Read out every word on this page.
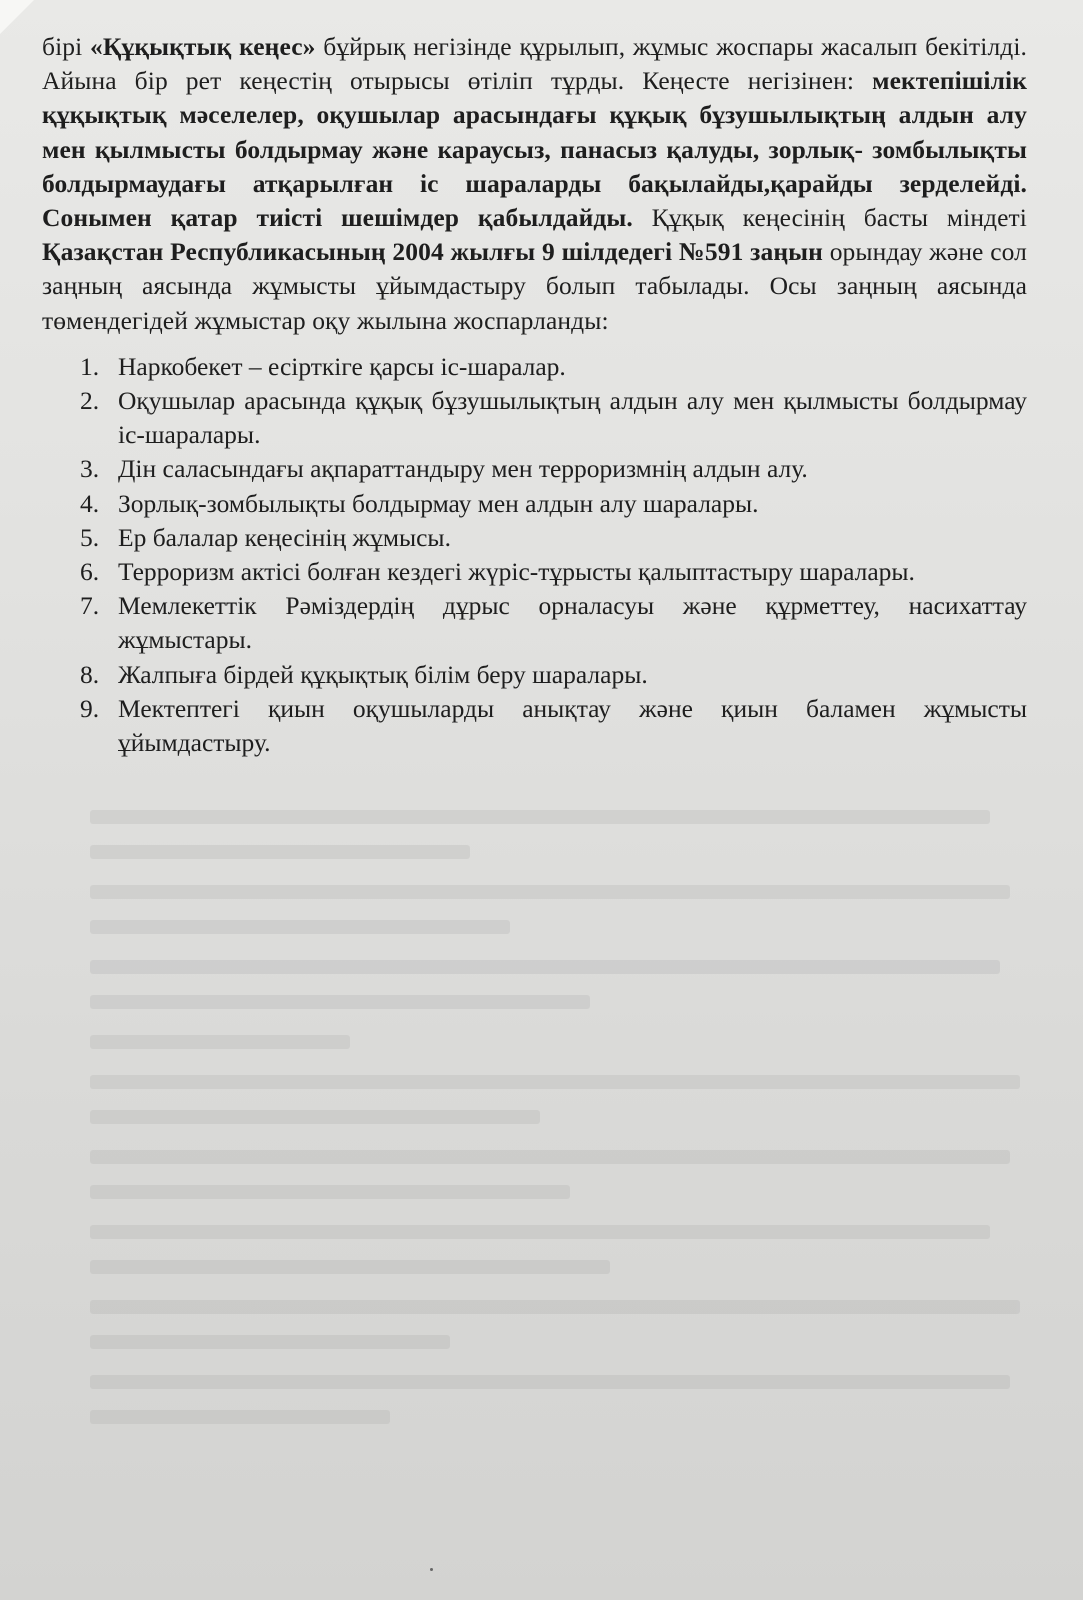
бірі «Құқықтық кеңес» бұйрық негізінде құрылып, жұмыс жоспары жасалып бекітілді. Айына бір рет кеңестің отырысы өтіліп тұрды. Кеңесте негізінен: мектепішілік құқықтық мәселелер, оқушылар арасындағы құқық бұзушылықтың алдын алу мен қылмысты болдырмау және караусыз, панасыз қалуды, зорлық- зомбылықты болдырмаудағы атқарылған іс шараларды бақылайды,қарайды зерделейді. Сонымен қатар тиісті шешімдер қабылдайды. Құқық кеңесінің басты міндеті Қазақстан Республикасының 2004 жылғы 9 шілдедегі №591 заңын орындау және сол заңның аясында жұмысты ұйымдастыру болып табылады. Осы заңның аясында төмендегідей жұмыстар оқу жылына жоспарланды:

1. Наркобекет – есірткіге қарсы іс-шаралар.
2. Оқушылар арасында құқық бұзушылықтың алдын алу мен қылмысты болдырмау іс-шаралары.
3. Дін саласындағы ақпараттандыру мен терроризмнің алдын алу.
4. Зорлық-зомбылықты болдырмау мен алдын алу шаралары.
5. Ер балалар кеңесінің жұмысы.
6. Терроризм актісі болған кездегі жүріс-тұрысты қалыптастыру шаралары.
7. Мемлекеттік Рәміздердің дұрыс орналасуы және құрметтеу, насихаттау жұмыстары.
8. Жалпыға бірдей құқықтық білім беру шаралары.
9. Мектептегі қиын оқушыларды анықтау және қиын баламен жұмысты ұйымдастыру.
